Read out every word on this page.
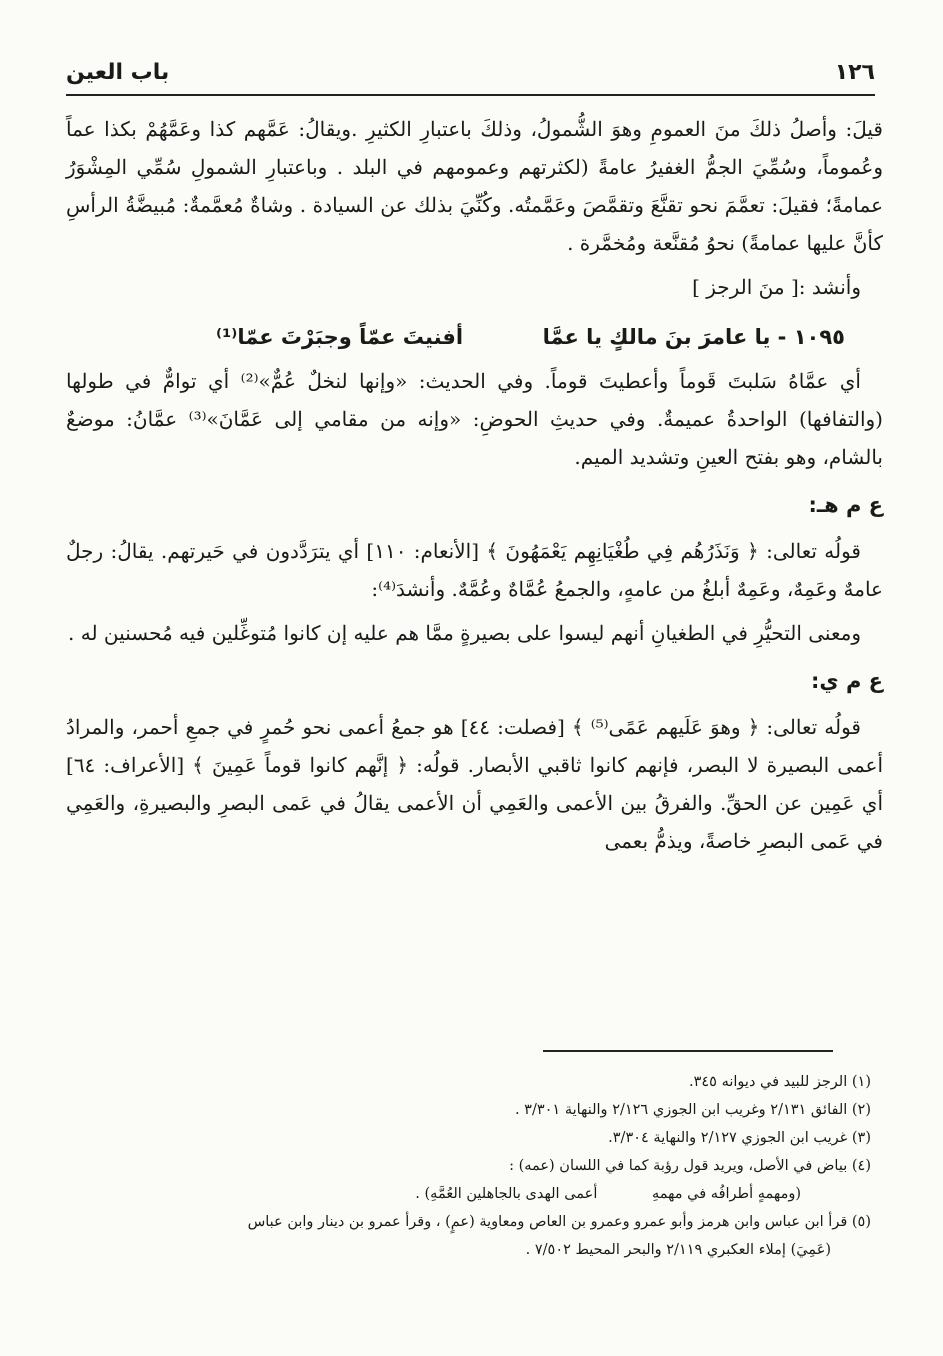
١٢٦
باب العين

قيلَ: وأصلُ ذلكَ منَ العمومِ وهوَ الشُّمولُ، وذلكَ باعتبارِ الكثيرِ .ويقالُ: عَمَّهم كذا وعَمَّهُمْ بكذا عماً وعُموماً، وسُمِّيَ الجمُّ الغفيرُ عامةً (لكثرتهم وعمومهم في البلد . وباعتبارِ الشمولِ سُمِّي المِشْوَرُ عمامةً؛ فقيلَ: تعمَّمَ نحو تقنَّعَ وتقمَّصَ وعَمَّمتُه. وكُنِّيَ بذلك عن السيادة . وشاةٌ مُعمَّمةٌ: مُبيضَّةُ الرأسِ كأنَّ عليها عمامةً) نحوُ مُقنَّعة ومُخمَّرة .

وأنشد :[ منَ الرجز ]

١٠٩٥ - يا عامرَ بنَ مالكٍ يا عمَّا
أفنيتَ عمّاً وجبَرْتَ عمّا⁽¹⁾

أي عمَّاهُ سَلبتَ قَوماً وأعطيتَ قوماً. وفي الحديث: «وإنها لنخلٌ عُمٌّ»⁽²⁾ أي توامٌّ في طولها (والتفافها) الواحدةُ عميمةٌ. وفي حديثِ الحوضِ: «وإنه من مقامي إلى عَمَّانَ»⁽³⁾ عمَّانُ: موضعٌ بالشام، وهو بفتح العينِ وتشديد الميم.

ع م هـ:

قولُه تعالى: ﴿ وَنَذَرُهُم فِي طُغْيَانِهِم يَعْمَهُونَ ﴾ [الأنعام: ١١٠] أي يترَدَّدون في حَيرتهم. يقالُ: رجلٌ عامهٌ وعَمِهٌ، وعَمِهٌ أبلغُ من عامهٍ، والجمعُ عُمَّاهٌ وعُمَّهٌ. وأنشدَ⁽⁴⁾:

ومعنى التحيُّرِ في الطغيانِ أنهم ليسوا على بصيرةٍ ممَّا هم عليه إن كانوا مُتوغِّلين فيه مُحسنين له .

ع م ي:

قولُه تعالى: ﴿ وهوَ عَلَيهم عَمًى⁽⁵⁾ ﴾ [فصلت: ٤٤] هو جمعُ أعمى نحو حُمرٍ في جمعِ أحمر، والمرادُ أعمى البصيرة لا البصر، فإنهم كانوا ثاقبي الأبصار. قولُه: ﴿ إنَّهم كانوا قوماً عَمِينَ ﴾ [الأعراف: ٦٤] أي عَمِين عن الحقِّ. والفرقُ بين الأعمى والعَمِي أن الأعمى يقالُ في عَمى البصرِ والبصيرةِ، والعَمِي في عَمى البصرِ خاصةً، ويذمُّ بعمى

(١) الرجز للبيد في ديوانه ٣٤٥.
(٢) الفائق ٢/١٣١ وغريب ابن الجوزي ٢/١٢٦ والنهاية ٣/٣٠١ .
(٣) غريب ابن الجوزي ٢/١٢٧ والنهاية ٣/٣٠٤.
(٤) بياض في الأصل، ويريد قول رؤبة كما في اللسان (عمه) :
(ومهمهٍ أطرافُه في مهمهِ أعمى الهدى بالجاهلين العُمَّهِ) .
(٥) قرأ ابن عباس وابن هرمز وأبو عمرو وعمرو بن العاص ومعاوية (عمٍ) ، وقرأ عمرو بن دينار وابن عباس
(عَمِيَ) إملاء العكبري ٢/١١٩ والبحر المحيط ٧/٥٠٢ .
